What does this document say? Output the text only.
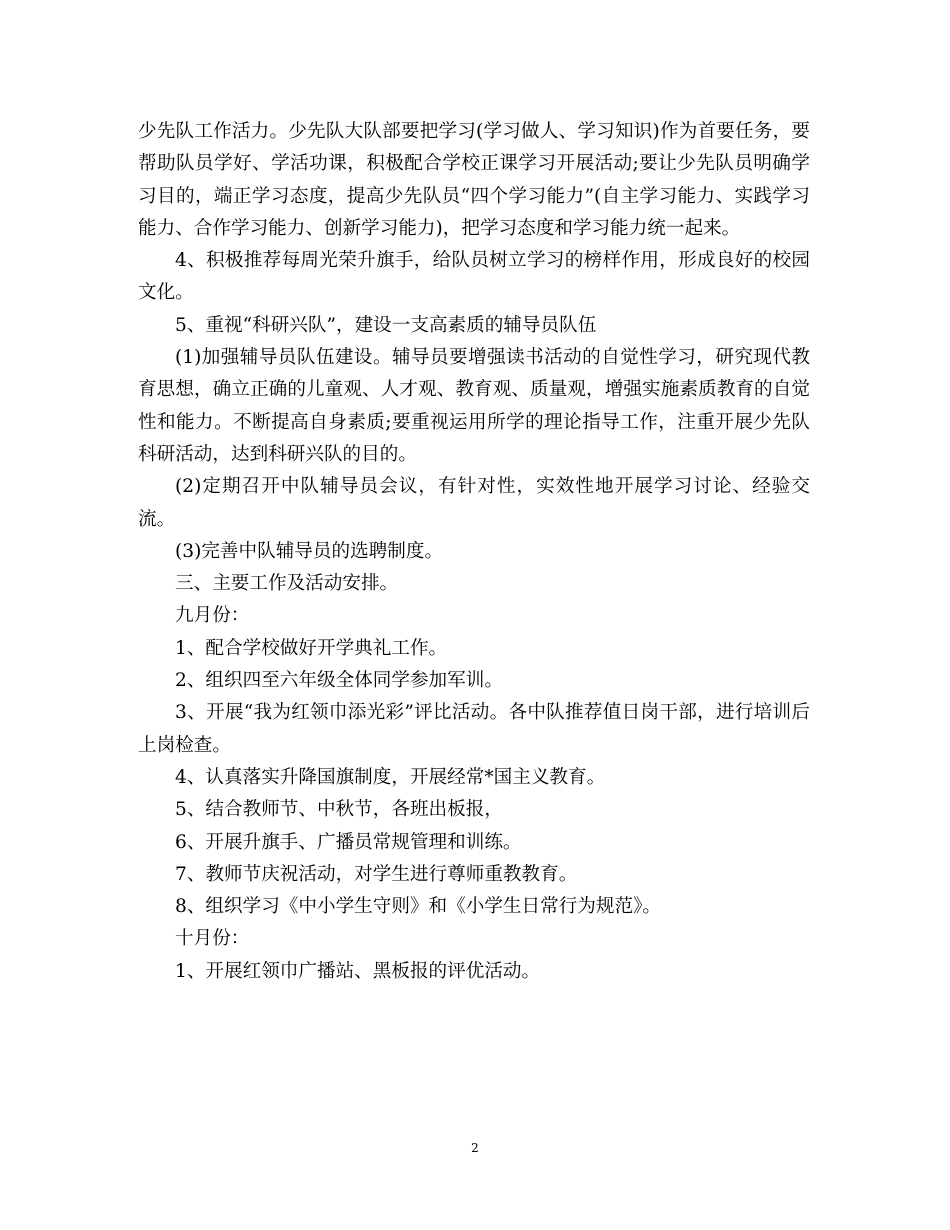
少先队工作活力。少先队大队部要把学习(学习做人、学习知识)作为首要任务，要帮助队员学好、学活功课，积极配合学校正课学习开展活动;要让少先队员明确学习目的，端正学习态度，提高少先队员“四个学习能力”(自主学习能力、实践学习能力、合作学习能力、创新学习能力)，把学习态度和学习能力统一起来。

4、积极推荐每周光荣升旗手，给队员树立学习的榜样作用，形成良好的校园文化。

5、重视“科研兴队”，建设一支高素质的辅导员队伍

(1)加强辅导员队伍建设。辅导员要增强读书活动的自觉性学习，研究现代教育思想，确立正确的儿童观、人才观、教育观、质量观，增强实施素质教育的自觉性和能力。不断提高自身素质;要重视运用所学的理论指导工作，注重开展少先队科研活动，达到科研兴队的目的。

(2)定期召开中队辅导员会议，有针对性，实效性地开展学习讨论、经验交流。

(3)完善中队辅导员的选聘制度。

三、主要工作及活动安排。

九月份：

1、配合学校做好开学典礼工作。

2、组织四至六年级全体同学参加军训。

3、开展“我为红领巾添光彩”评比活动。各中队推荐值日岗干部，进行培训后上岗检查。

4、认真落实升降国旗制度，开展经常*国主义教育。

5、结合教师节、中秋节，各班出板报，

6、开展升旗手、广播员常规管理和训练。

7、教师节庆祝活动，对学生进行尊师重教教育。

8、组织学习《中小学生守则》和《小学生日常行为规范》。

十月份：

1、开展红领巾广播站、黑板报的评优活动。

2
